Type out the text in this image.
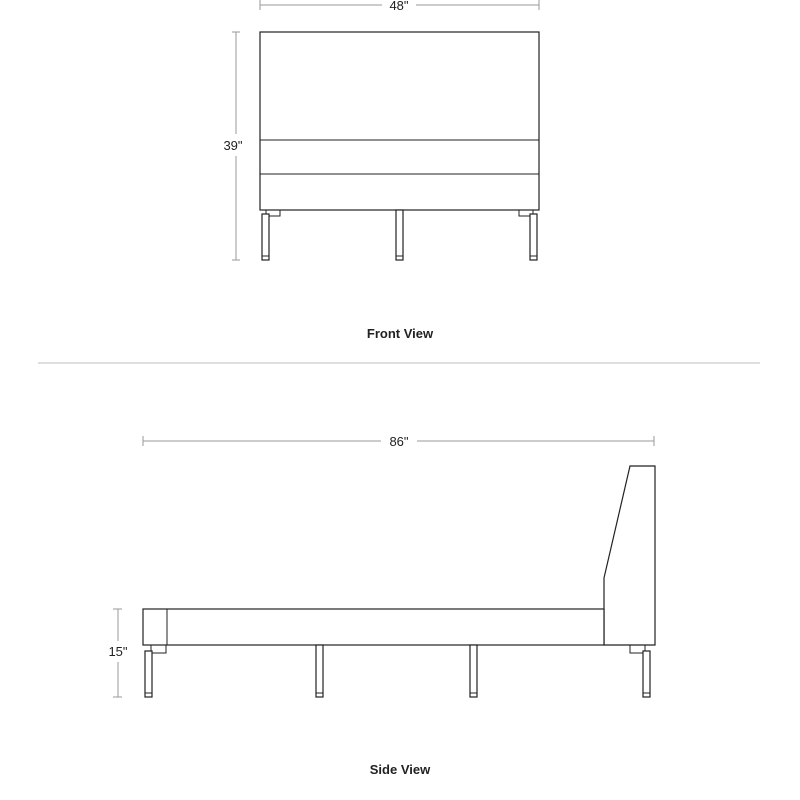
48"
39"
86"
15"
Front View
Side View
